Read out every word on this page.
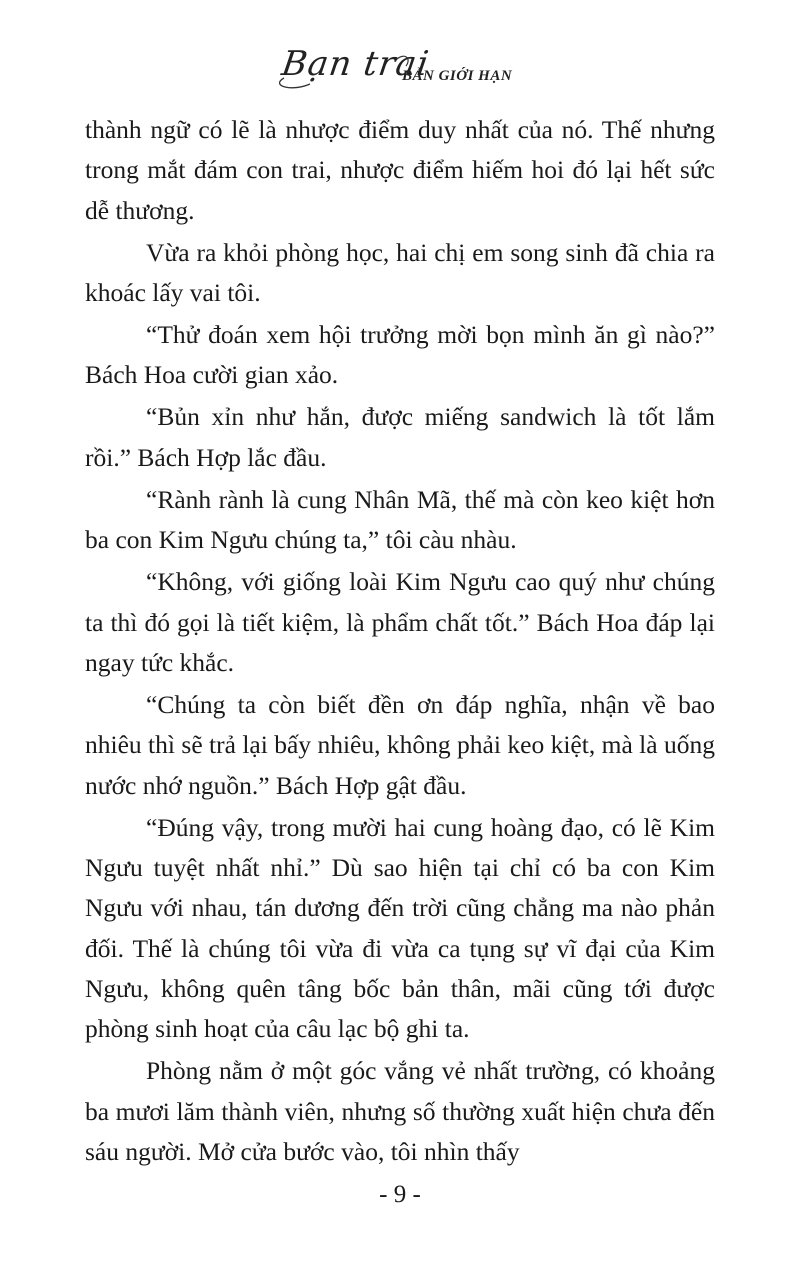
Bạn trai
BẢN GIỚI HẠN

thành ngữ có lẽ là nhược điểm duy nhất của nó. Thế nhưng trong mắt đám con trai, nhược điểm hiếm hoi đó lại hết sức dễ thương.

Vừa ra khỏi phòng học, hai chị em song sinh đã chia ra khoác lấy vai tôi.

“Thử đoán xem hội trưởng mời bọn mình ăn gì nào?” Bách Hoa cười gian xảo.

“Bủn xỉn như hắn, được miếng sandwich là tốt lắm rồi.” Bách Hợp lắc đầu.

“Rành rành là cung Nhân Mã, thế mà còn keo kiệt hơn ba con Kim Ngưu chúng ta,” tôi càu nhàu.

“Không, với giống loài Kim Ngưu cao quý như chúng ta thì đó gọi là tiết kiệm, là phẩm chất tốt.” Bách Hoa đáp lại ngay tức khắc.

“Chúng ta còn biết đền ơn đáp nghĩa, nhận về bao nhiêu thì sẽ trả lại bấy nhiêu, không phải keo kiệt, mà là uống nước nhớ nguồn.” Bách Hợp gật đầu.

“Đúng vậy, trong mười hai cung hoàng đạo, có lẽ Kim Ngưu tuyệt nhất nhỉ.” Dù sao hiện tại chỉ có ba con Kim Ngưu với nhau, tán dương đến trời cũng chẳng ma nào phản đối. Thế là chúng tôi vừa đi vừa ca tụng sự vĩ đại của Kim Ngưu, không quên tâng bốc bản thân, mãi cũng tới được phòng sinh hoạt của câu lạc bộ ghi ta.

Phòng nằm ở một góc vắng vẻ nhất trường, có khoảng ba mươi lăm thành viên, nhưng số thường xuất hiện chưa đến sáu người. Mở cửa bước vào, tôi nhìn thấy

- 9 -
